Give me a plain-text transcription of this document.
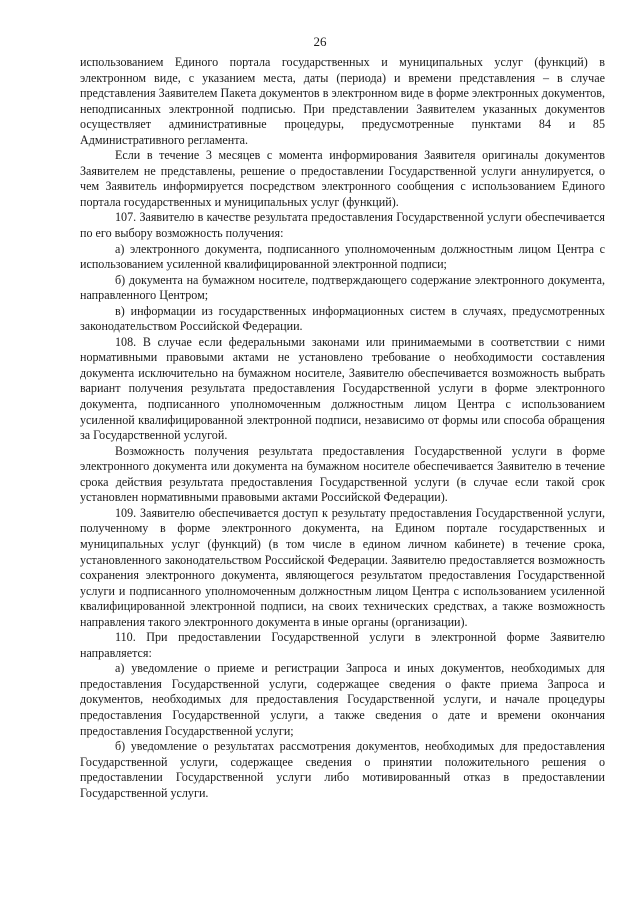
26

использованием Единого портала государственных и муниципальных услуг (функций) в электронном виде, с указанием места, даты (периода) и времени представления – в случае представления Заявителем Пакета документов в электронном виде в форме электронных документов, неподписанных электронной подписью. При представлении Заявителем указанных документов осуществляет административные процедуры, предусмотренные пунктами 84 и 85 Административного регламента.

Если в течение 3 месяцев с момента информирования Заявителя оригиналы документов Заявителем не представлены, решение о предоставлении Государственной услуги аннулируется, о чем Заявитель информируется посредством электронного сообщения с использованием Единого портала государственных и муниципальных услуг (функций).

107. Заявителю в качестве результата предоставления Государственной услуги обеспечивается по его выбору возможность получения:

а) электронного документа, подписанного уполномоченным должностным лицом Центра с использованием усиленной квалифицированной электронной подписи;

б) документа на бумажном носителе, подтверждающего содержание электронного документа, направленного Центром;

в) информации из государственных информационных систем в случаях, предусмотренных законодательством Российской Федерации.

108. В случае если федеральными законами или принимаемыми в соответствии с ними нормативными правовыми актами не установлено требование о необходимости составления документа исключительно на бумажном носителе, Заявителю обеспечивается возможность выбрать вариант получения результата предоставления Государственной услуги в форме электронного документа, подписанного уполномоченным должностным лицом Центра с использованием усиленной квалифицированной электронной подписи, независимо от формы или способа обращения за Государственной услугой.

Возможность получения результата предоставления Государственной услуги в форме электронного документа или документа на бумажном носителе обеспечивается Заявителю в течение срока действия результата предоставления Государственной услуги (в случае если такой срок установлен нормативными правовыми актами Российской Федерации).

109. Заявителю обеспечивается доступ к результату предоставления Государственной услуги, полученному в форме электронного документа, на Едином портале государственных и муниципальных услуг (функций) (в том числе в едином личном кабинете) в течение срока, установленного законодательством Российской Федерации. Заявителю предоставляется возможность сохранения электронного документа, являющегося результатом предоставления Государственной услуги и подписанного уполномоченным должностным лицом Центра с использованием усиленной квалифицированной электронной подписи, на своих технических средствах, а также возможность направления такого электронного документа в иные органы (организации).

110. При предоставлении Государственной услуги в электронной форме Заявителю направляется:

а) уведомление о приеме и регистрации Запроса и иных документов, необходимых для предоставления Государственной услуги, содержащее сведения о факте приема Запроса и документов, необходимых для предоставления Государственной услуги, и начале процедуры предоставления Государственной услуги, а также сведения о дате и времени окончания предоставления Государственной услуги;

б) уведомление о результатах рассмотрения документов, необходимых для предоставления Государственной услуги, содержащее сведения о принятии положительного решения о предоставлении Государственной услуги либо мотивированный отказ в предоставлении Государственной услуги.
